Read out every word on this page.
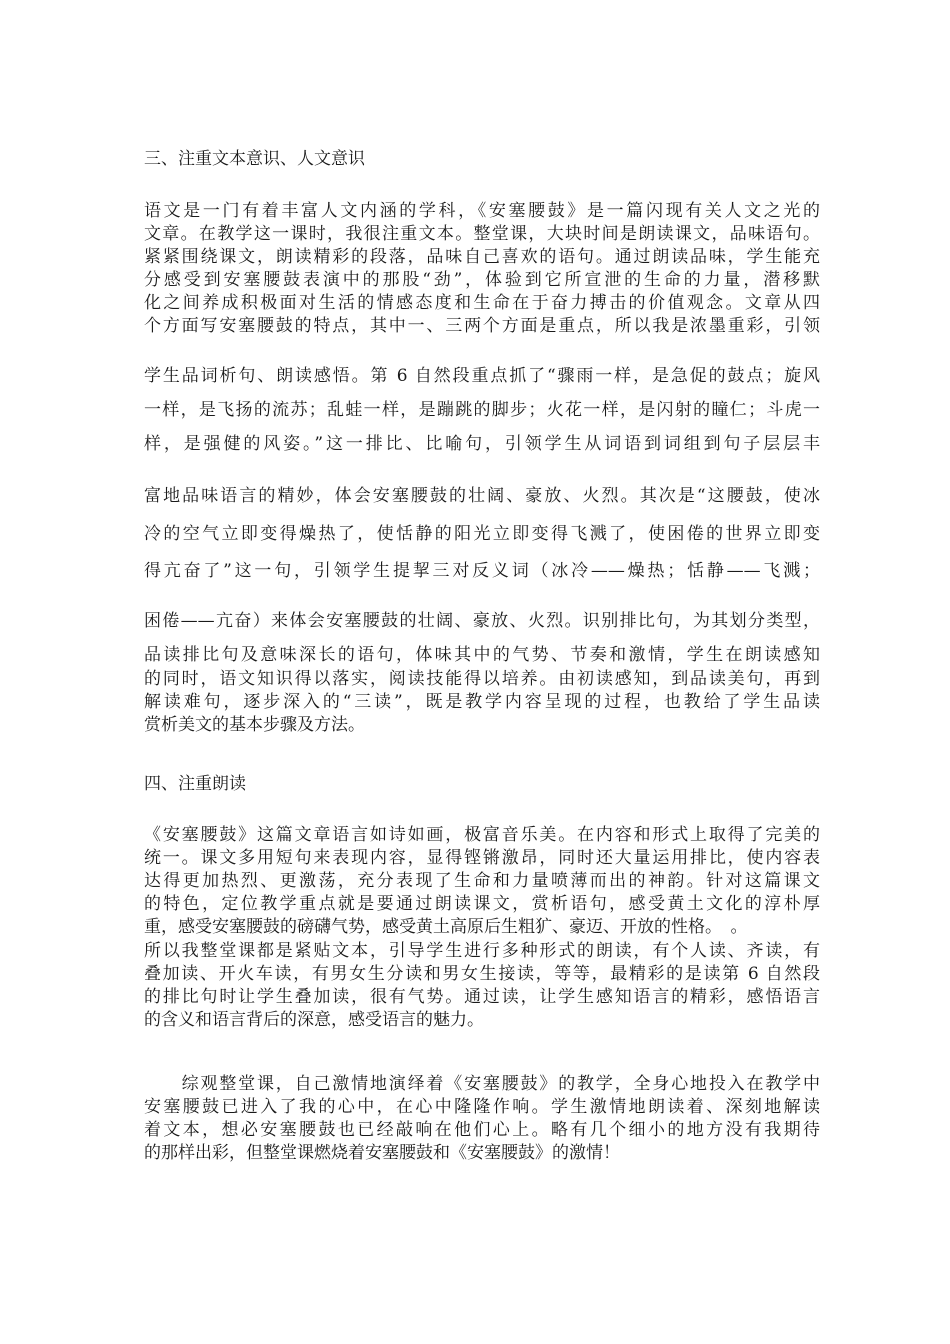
三、注重文本意识、人文意识
语文是一门有着丰富人文内涵的学科，《安塞腰鼓》是一篇闪现有关人文之光的
文章。在教学这一课时，我很注重文本。整堂课，大块时间是朗读课文，品味语句。
紧紧围绕课文，朗读精彩的段落，品味自己喜欢的语句。通过朗读品味，学生能充
分感受到安塞腰鼓表演中的那股“劲”，体验到它所宣泄的生命的力量，潜移默
化之间养成积极面对生活的情感态度和生命在于奋力搏击的价值观念。文章从四
个方面写安塞腰鼓的特点，其中一、三两个方面是重点，所以我是浓墨重彩，引领
学生品词析句、朗读感悟。第 6 自然段重点抓了“骤雨一样，是急促的鼓点；旋风
一样，是飞扬的流苏；乱蛙一样，是蹦跳的脚步；火花一样，是闪射的瞳仁；斗虎一
样，是强健的风姿。”这一排比、比喻句，引领学生从词语到词组到句子层层丰
富地品味语言的精妙，体会安塞腰鼓的壮阔、豪放、火烈。其次是“这腰鼓，使冰
冷的空气立即变得燥热了，使恬静的阳光立即变得飞溅了，使困倦的世界立即变
得亢奋了”这一句，引领学生提挈三对反义词（冰冷——燥热；恬静——飞溅；
困倦——亢奋）来体会安塞腰鼓的壮阔、豪放、火烈。识别排比句，为其划分类型，
品读排比句及意味深长的语句，体味其中的气势、节奏和激情，学生在朗读感知
的同时，语文知识得以落实，阅读技能得以培养。由初读感知，到品读美句，再到
解读难句，逐步深入的“三读”，既是教学内容呈现的过程，也教给了学生品读
赏析美文的基本步骤及方法。
四、注重朗读
《安塞腰鼓》这篇文章语言如诗如画，极富音乐美。在内容和形式上取得了完美的
统一。课文多用短句来表现内容，显得铿锵激昂，同时还大量运用排比，使内容表
达得更加热烈、更激荡，充分表现了生命和力量喷薄而出的神韵。针对这篇课文
的特色，定位教学重点就是要通过朗读课文，赏析语句，感受黄土文化的淳朴厚
重，感受安塞腰鼓的磅礴气势，感受黄土高原后生粗犷、豪迈、开放的性格。　。
所以我整堂课都是紧贴文本，引导学生进行多种形式的朗读，有个人读、齐读，有
叠加读、开火车读，有男女生分读和男女生接读，等等，最精彩的是读第 6 自然段
的排比句时让学生叠加读，很有气势。通过读，让学生感知语言的精彩，感悟语言
的含义和语言背后的深意，感受语言的魅力。
　　综观整堂课，自己激情地演绎着《安塞腰鼓》的教学，全身心地投入在教学中
安塞腰鼓已进入了我的心中，在心中隆隆作响。学生激情地朗读着、深刻地解读
着文本，想必安塞腰鼓也已经敲响在他们心上。略有几个细小的地方没有我期待
的那样出彩，但整堂课燃烧着安塞腰鼓和《安塞腰鼓》的激情！
